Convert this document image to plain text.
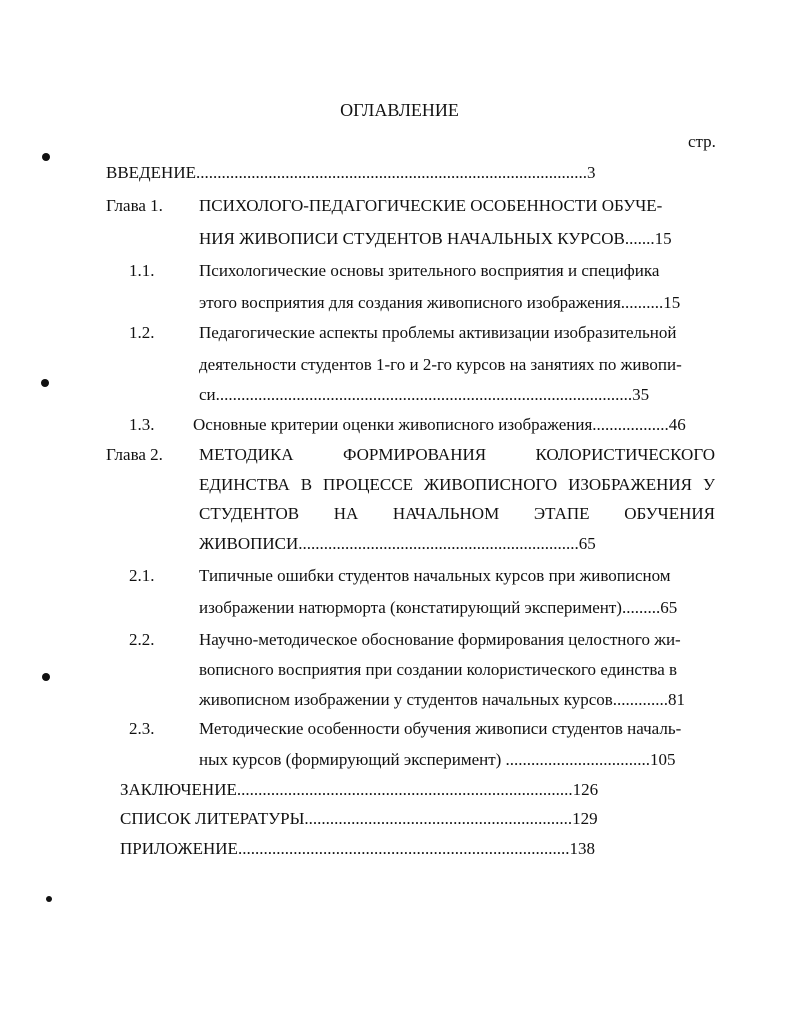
ОГЛАВЛЕНИЕ
стр.
ВВЕДЕНИЕ............................................................................................3
Глава 1. ПСИХОЛОГО-ПЕДАГОГИЧЕСКИЕ ОСОБЕННОСТИ ОБУЧЕ-
НИЯ ЖИВОПИСИ СТУДЕНТОВ НАЧАЛЬНЫХ КУРСОВ.......15
1.1.	Психологические основы зрительного восприятия и специфика
этого восприятия для создания живописного изображения..........15
1.2.	Педагогические аспекты проблемы активизации изобразительной
деятельности студентов 1-го и 2-го курсов на занятиях по живопи-
си..................................................................................................35
1.3. Основные критерии оценки живописного изображения..................46
Глава 2. МЕТОДИКА ФОРМИРОВАНИЯ КОЛОРИСТИЧЕСКОГО
ЕДИНСТВА В ПРОЦЕССЕ ЖИВОПИСНОГО ИЗОБРАЖЕНИЯ У
СТУДЕНТОВ НА НАЧАЛЬНОМ ЭТАПЕ ОБУЧЕНИЯ
ЖИВОПИСИ..................................................................65
2.1.	Типичные ошибки студентов начальных курсов при живописном
изображении натюрморта (констатирующий эксперимент).........65
2.2.	Научно-методическое обоснование формирования целостного жи-
вописного восприятия при создании колористического единства в
живописном изображении у студентов начальных курсов.............81
2.3.	Методические особенности обучения живописи студентов началь-
ных курсов (формирующий эксперимент) ..................................105
ЗАКЛЮЧЕНИЕ...............................................................................126
СПИСОК ЛИТЕРАТУРЫ...............................................................129
ПРИЛОЖЕНИЕ..............................................................................138
